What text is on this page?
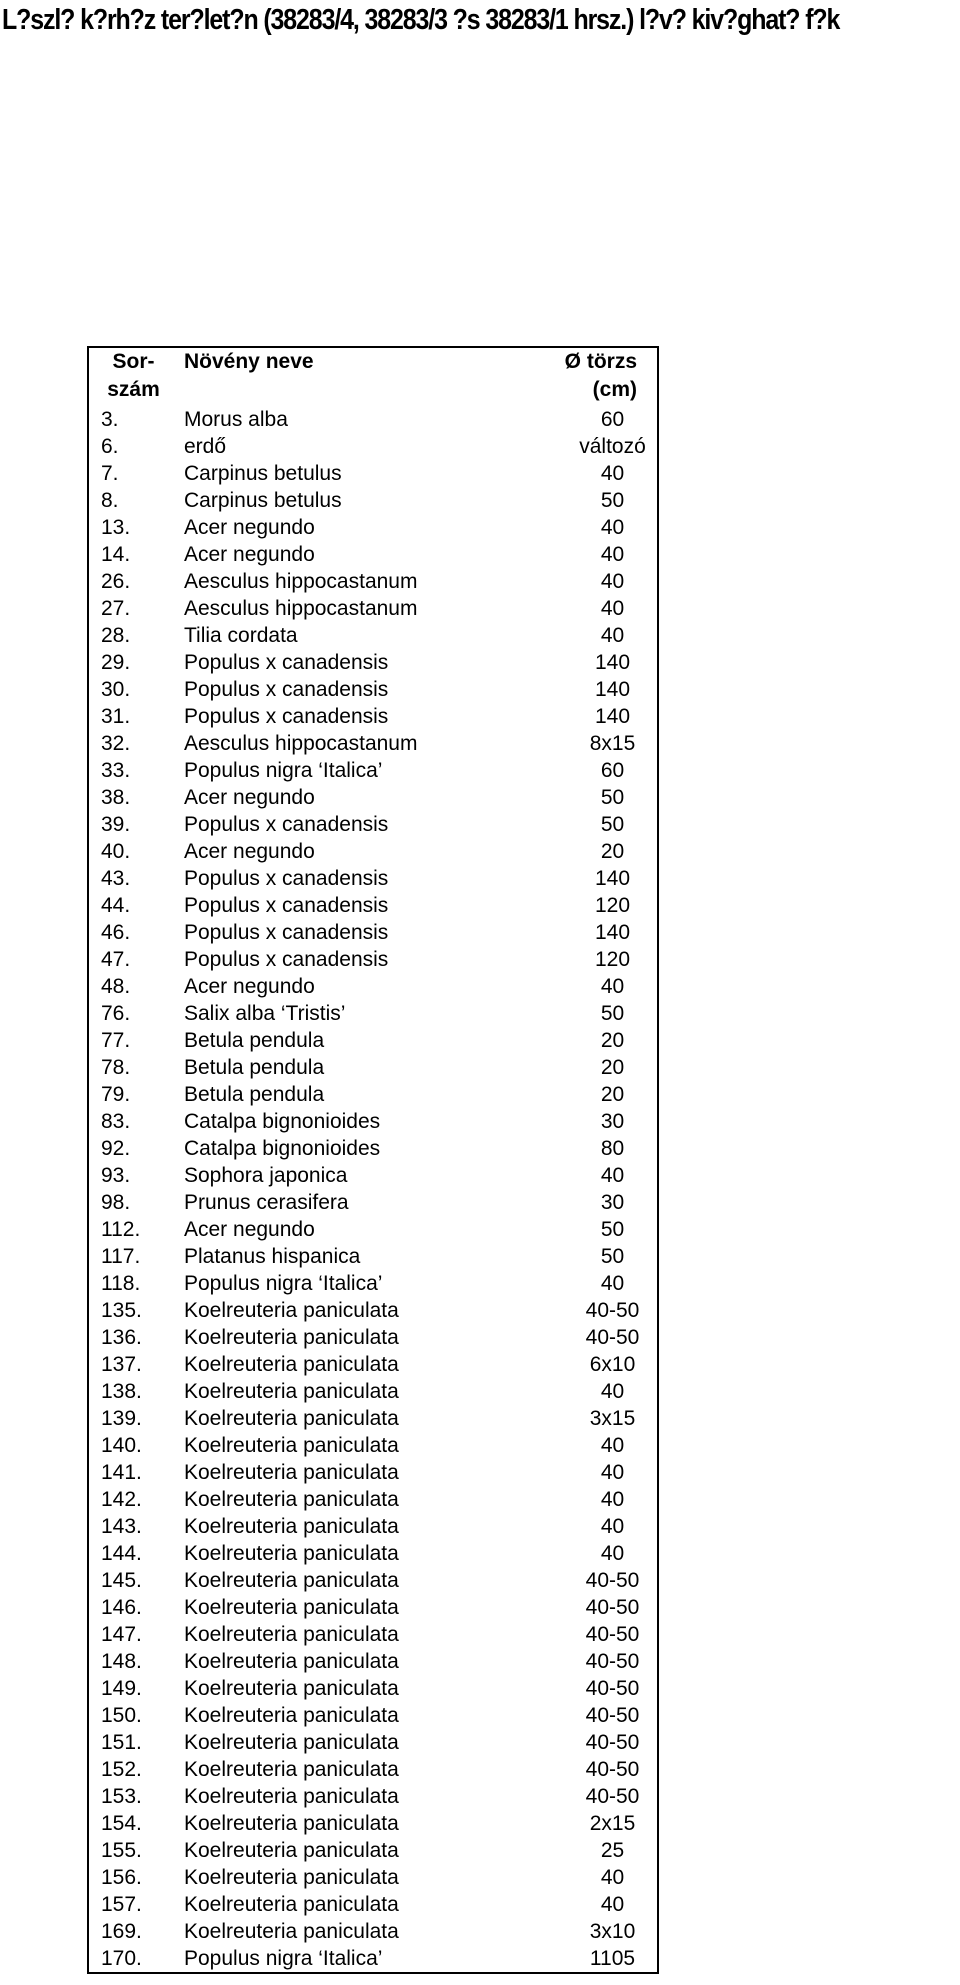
L?szl? k?rh?z ter?let?n (38283/4, 38283/3 ?s 38283/1 hrsz.) l?v? kiv?ghat? f?k
Sor-	Növény neve	Ø törzs
szám		(cm)
3.	Morus alba	60
6.	erdő	változó
7.	Carpinus betulus	40
8.	Carpinus betulus	50
13.	Acer negundo	40
14.	Acer negundo	40
26.	Aesculus hippocastanum	40
27.	Aesculus hippocastanum	40
28.	Tilia cordata	40
29.	Populus x canadensis	140
30.	Populus x canadensis	140
31.	Populus x canadensis	140
32.	Aesculus hippocastanum	8x15
33.	Populus nigra ‘Italica’	60
38.	Acer negundo	50
39.	Populus x canadensis	50
40.	Acer negundo	20
43.	Populus x canadensis	140
44.	Populus x canadensis	120
46.	Populus x canadensis	140
47.	Populus x canadensis	120
48.	Acer negundo	40
76.	Salix alba ‘Tristis’	50
77.	Betula pendula	20
78.	Betula pendula	20
79.	Betula pendula	20
83.	Catalpa bignonioides	30
92.	Catalpa bignonioides	80
93.	Sophora japonica	40
98.	Prunus cerasifera	30
112.	Acer negundo	50
117.	Platanus hispanica	50
118.	Populus nigra ‘Italica’	40
135.	Koelreuteria paniculata	40-50
136.	Koelreuteria paniculata	40-50
137.	Koelreuteria paniculata	6x10
138.	Koelreuteria paniculata	40
139.	Koelreuteria paniculata	3x15
140.	Koelreuteria paniculata	40
141.	Koelreuteria paniculata	40
142.	Koelreuteria paniculata	40
143.	Koelreuteria paniculata	40
144.	Koelreuteria paniculata	40
145.	Koelreuteria paniculata	40-50
146.	Koelreuteria paniculata	40-50
147.	Koelreuteria paniculata	40-50
148.	Koelreuteria paniculata	40-50
149.	Koelreuteria paniculata	40-50
150.	Koelreuteria paniculata	40-50
151.	Koelreuteria paniculata	40-50
152.	Koelreuteria paniculata	40-50
153.	Koelreuteria paniculata	40-50
154.	Koelreuteria paniculata	2x15
155.	Koelreuteria paniculata	25
156.	Koelreuteria paniculata	40
157.	Koelreuteria paniculata	40
169.	Koelreuteria paniculata	3x10
170.	Populus nigra ‘Italica’	1105
